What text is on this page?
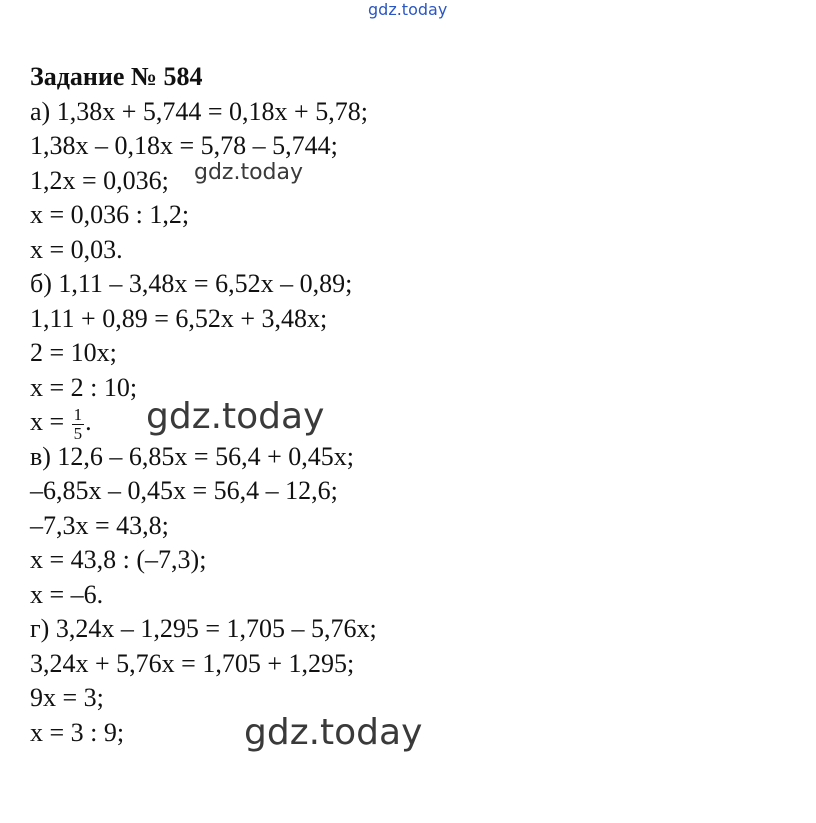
gdz.today
Задание № 584
а) 1,38x + 5,744 = 0,18x + 5,78;
1,38x – 0,18x = 5,78 – 5,744;
1,2x = 0,036;
x = 0,036 : 1,2;
x = 0,03.
б) 1,11 – 3,48x = 6,52x – 0,89;
1,11 + 0,89 = 6,52x + 3,48x;
2 = 10x;
x = 2 : 10;
$x = \frac{1}{5}$ .
в) 12,6 – 6,85x = 56,4 + 0,45x;
–6,85x – 0,45x = 56,4 – 12,6;
–7,3x = 43,8;
x = 43,8 : (–7,3);
x = –6.
г) 3,24x – 1,295 = 1,705 – 5,76x;
3,24x + 5,76x = 1,705 + 1,295;
9x = 3;
x = 3 : 9;
gdz.today
gdz.today
gdz.today
